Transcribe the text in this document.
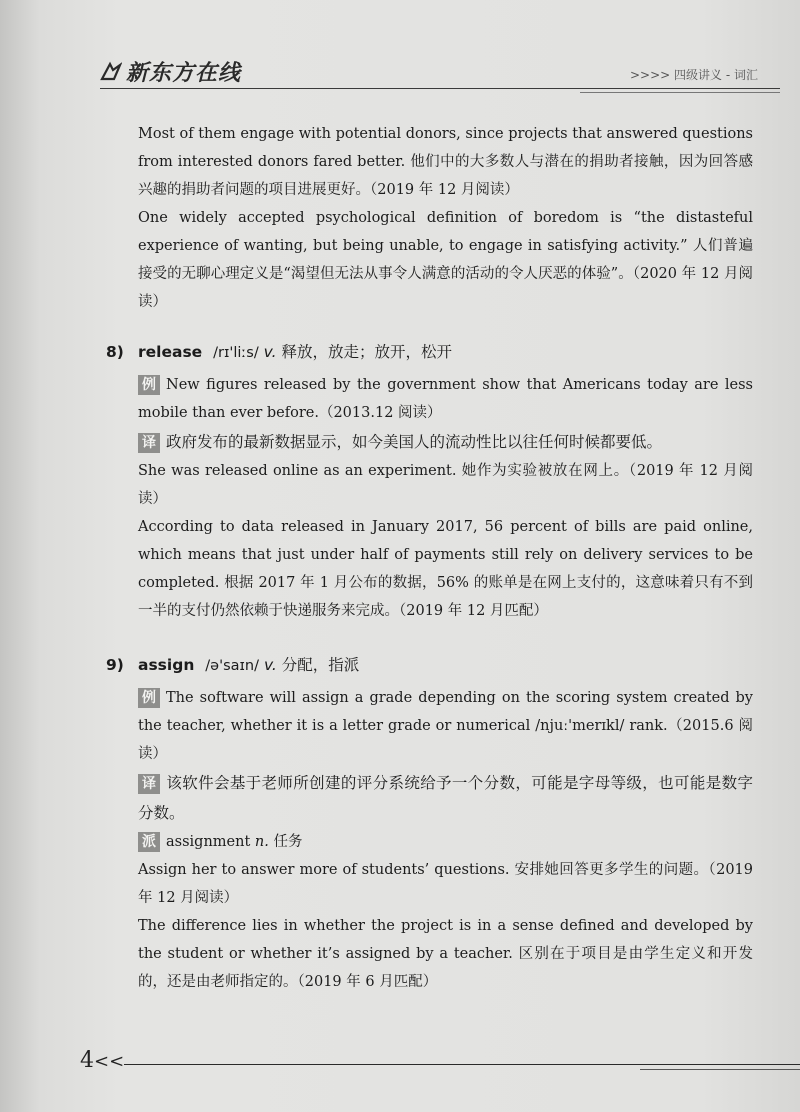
新东方在线	>>>> 四级讲义 - 词汇

Most of them engage with potential donors, since projects that answered questions from interested donors fared better. 他们中的大多数人与潜在的捐助者接触，因为回答感兴趣的捐助者问题的项目进展更好。（2019 年 12 月阅读）

One widely accepted psychological definition of boredom is “the distasteful experience of wanting, but being unable, to engage in satisfying activity.” 人们普遍接受的无聊心理定义是“渴望但无法从事令人满意的活动的令人厌恶的体验”。（2020 年 12 月阅读）

8) release /rɪ'liːs/ v. 释放，放走；放开，松开

例 New figures released by the government show that Americans today are less mobile than ever before.（2013.12 阅读）

译 政府发布的最新数据显示，如今美国人的流动性比以往任何时候都要低。

She was released online as an experiment. 她作为实验被放在网上。（2019 年 12 月阅读）

According to data released in January 2017, 56 percent of bills are paid online, which means that just under half of payments still rely on delivery services to be completed. 根据 2017 年 1 月公布的数据，56% 的账单是在网上支付的，这意味着只有不到一半的支付仍然依赖于快递服务来完成。（2019 年 12 月匹配）

9) assign /ə'saɪn/ v. 分配，指派

例 The software will assign a grade depending on the scoring system created by the teacher, whether it is a letter grade or numerical /njuː'merɪkl/ rank.（2015.6 阅读）

译 该软件会基于老师所创建的评分系统给予一个分数，可能是字母等级，也可能是数字分数。

派 assignment n. 任务

Assign her to answer more of students’ questions. 安排她回答更多学生的问题。（2019 年 12 月阅读）

The difference lies in whether the project is in a sense defined and developed by the student or whether it’s assigned by a teacher. 区别在于项目是由学生定义和开发的，还是由老师指定的。（2019 年 6 月匹配）

4<<
